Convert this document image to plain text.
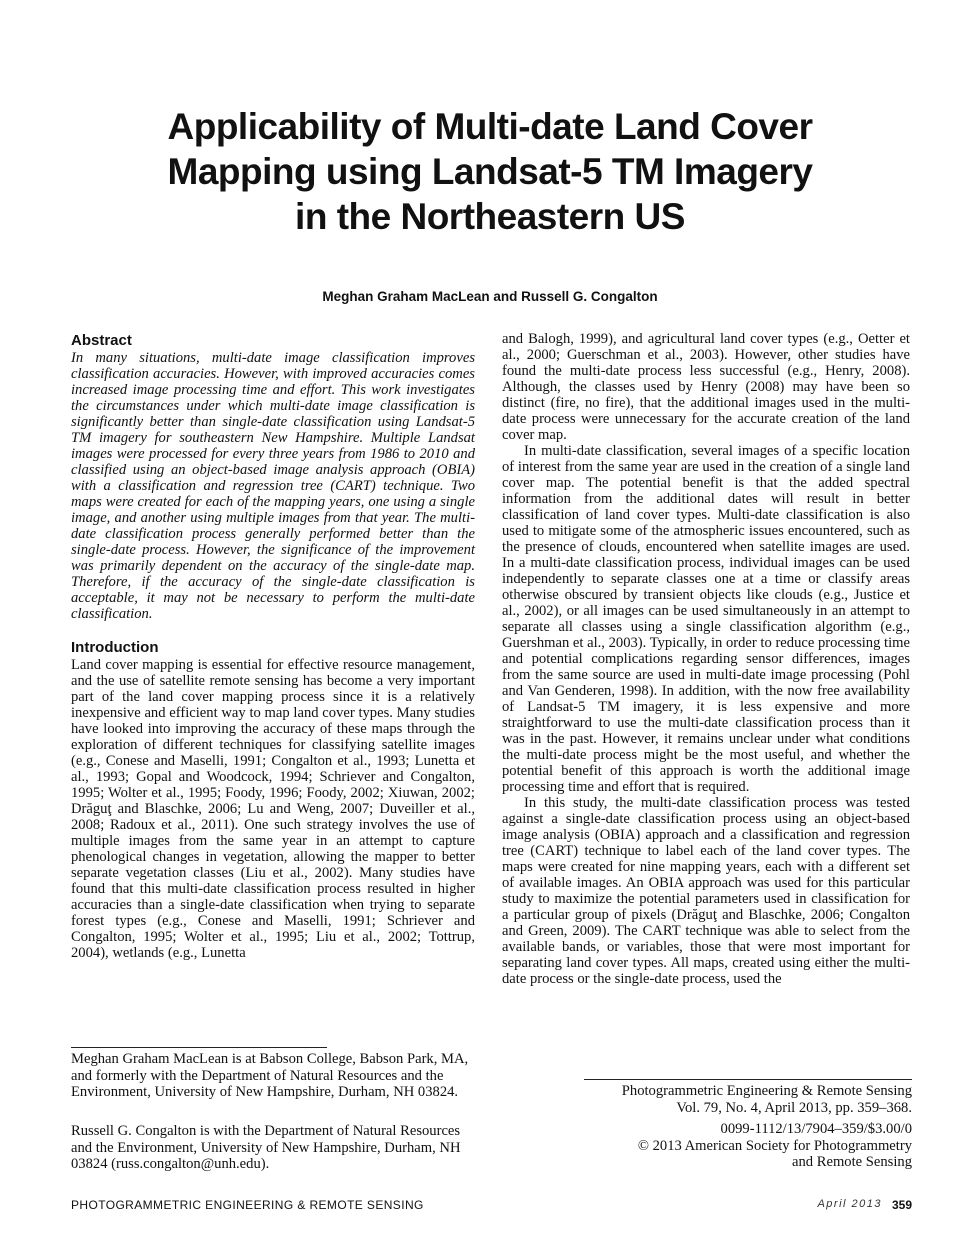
Applicability of Multi-date Land Cover
Mapping using Landsat-5 TM Imagery
in the Northeastern US

Meghan Graham MacLean and Russell G. Congalton

Abstract

In many situations, multi-date image classification improves classification accuracies. However, with improved accuracies comes increased image processing time and effort. This work investigates the circumstances under which multi-date image classification is significantly better than single-date classification using Landsat-5 TM imagery for southeastern New Hampshire. Multiple Landsat images were processed for every three years from 1986 to 2010 and classified using an object-based image analysis approach (OBIA) with a classification and regression tree (CART) technique. Two maps were created for each of the mapping years, one using a single image, and another using multiple images from that year. The multi-date classification process generally performed better than the single-date process. However, the significance of the improvement was primarily dependent on the accuracy of the single-date map. Therefore, if the accuracy of the single-date classification is acceptable, it may not be necessary to perform the multi-date classification.

Introduction

Land cover mapping is essential for effective resource management, and the use of satellite remote sensing has become a very important part of the land cover mapping process since it is a relatively inexpensive and efficient way to map land cover types. Many studies have looked into improving the accuracy of these maps through the exploration of different techniques for classifying satellite images (e.g., Conese and Maselli, 1991; Congalton et al., 1993; Lunetta et al., 1993; Gopal and Woodcock, 1994; Schriever and Congalton, 1995; Wolter et al., 1995; Foody, 1996; Foody, 2002; Xiuwan, 2002; Drăguţ and Blaschke, 2006; Lu and Weng, 2007; Duveiller et al., 2008; Radoux et al., 2011). One such strategy involves the use of multiple images from the same year in an attempt to capture phenological changes in vegetation, allowing the mapper to better separate vegetation classes (Liu et al., 2002). Many studies have found that this multi-date classification process resulted in higher accuracies than a single-date classification when trying to separate forest types (e.g., Conese and Maselli, 1991; Schriever and Congalton, 1995; Wolter et al., 1995; Liu et al., 2002; Tottrup, 2004), wetlands (e.g., Lunetta

and Balogh, 1999), and agricultural land cover types (e.g., Oetter et al., 2000; Guerschman et al., 2003). However, other studies have found the multi-date process less successful (e.g., Henry, 2008). Although, the classes used by Henry (2008) may have been so distinct (fire, no fire), that the additional images used in the multi-date process were unnecessary for the accurate creation of the land cover map.

In multi-date classification, several images of a specific location of interest from the same year are used in the creation of a single land cover map. The potential benefit is that the added spectral information from the additional dates will result in better classification of land cover types. Multi-date classification is also used to mitigate some of the atmospheric issues encountered, such as the presence of clouds, encountered when satellite images are used. In a multi-date classification process, individual images can be used independently to separate classes one at a time or classify areas otherwise obscured by transient objects like clouds (e.g., Justice et al., 2002), or all images can be used simultaneously in an attempt to separate all classes using a single classification algorithm (e.g., Guershman et al., 2003). Typically, in order to reduce processing time and potential complications regarding sensor differences, images from the same source are used in multi-date image processing (Pohl and Van Genderen, 1998). In addition, with the now free availability of Landsat-5 TM imagery, it is less expensive and more straightforward to use the multi-date classification process than it was in the past. However, it remains unclear under what conditions the multi-date process might be the most useful, and whether the potential benefit of this approach is worth the additional image processing time and effort that is required.

In this study, the multi-date classification process was tested against a single-date classification process using an object-based image analysis (OBIA) approach and a classification and regression tree (CART) technique to label each of the land cover types. The maps were created for nine mapping years, each with a different set of available images. An OBIA approach was used for this particular study to maximize the potential parameters used in classification for a particular group of pixels (Drăguţ and Blaschke, 2006; Congalton and Green, 2009). The CART technique was able to select from the available bands, or variables, those that were most important for separating land cover types. All maps, created using either the multi-date process or the single-date process, used the

Meghan Graham MacLean is at Babson College, Babson Park, MA, and formerly with the Department of Natural Resources and the Environment, University of New Hampshire, Durham, NH 03824.

Russell G. Congalton is with the Department of Natural Resources and the Environment, University of New Hampshire, Durham, NH 03824 (russ.congalton@unh.edu).

Photogrammetric Engineering & Remote Sensing
Vol. 79, No. 4, April 2013, pp. 359–368.
0099-1112/13/7904–359/$3.00/0
© 2013 American Society for Photogrammetry
and Remote Sensing

PHOTOGRAMMETRIC ENGINEERING & REMOTE SENSING	April 2013 359
